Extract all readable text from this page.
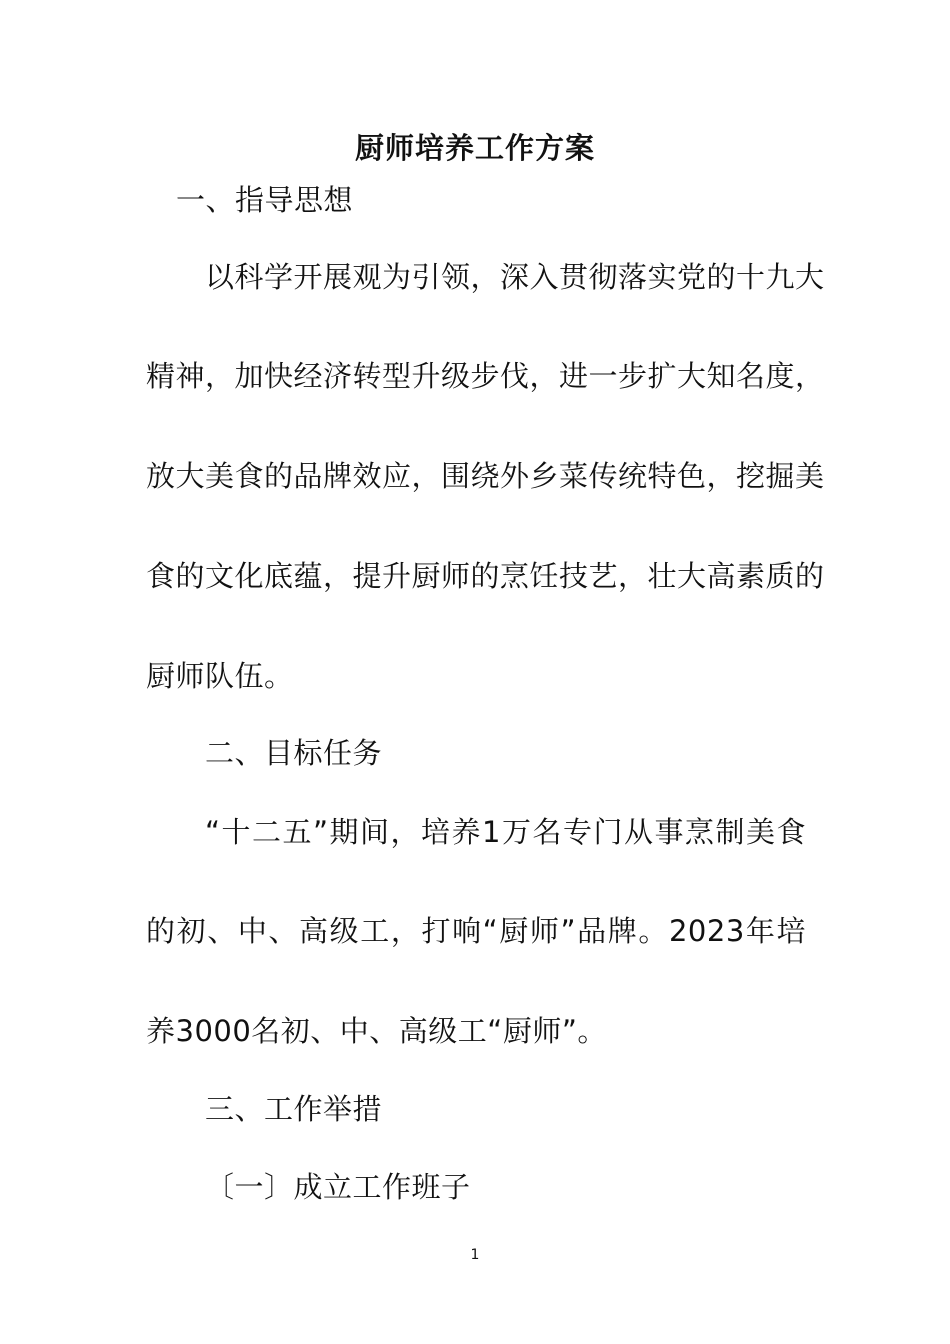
厨师培养工作方案
一、指导思想
以科学开展观为引领，深入贯彻落实党的十九大
精神，加快经济转型升级步伐，进一步扩大知名度，
放大美食的品牌效应，围绕外乡菜传统特色，挖掘美
食的文化底蕴，提升厨师的烹饪技艺，壮大高素质的
厨师队伍。
二、目标任务
“十二五”期间，培养1万名专门从事烹制美食
的初、中、高级工，打响“厨师”品牌。2023年培
养3000名初、中、高级工“厨师”。
三、工作举措
〔一〕成立工作班子
1
